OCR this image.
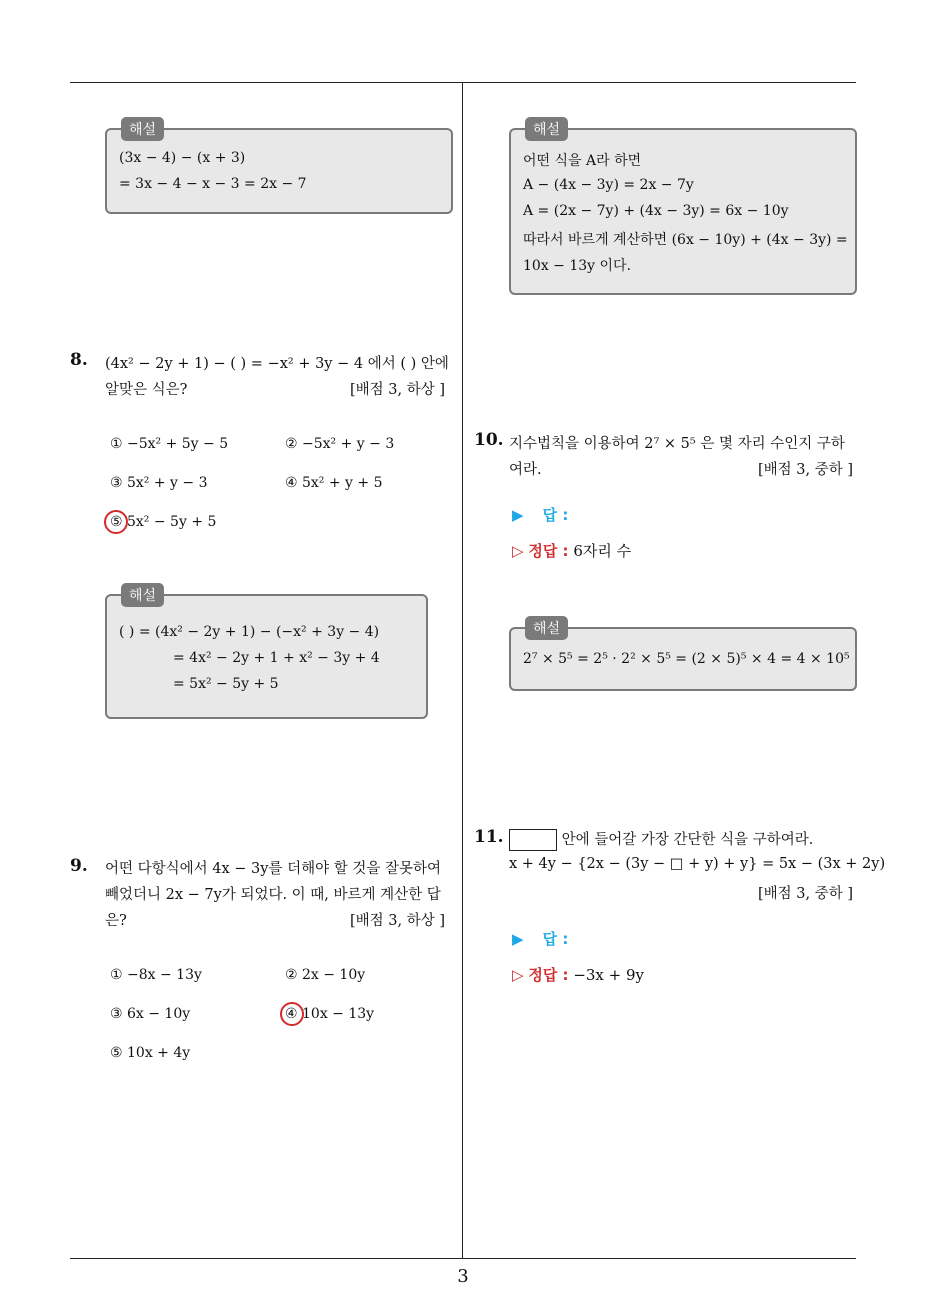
해설
(3x − 4) − (x + 3)
= 3x − 4 − x − 3 = 2x − 7
해설
어떤 식을 A라 하면
A − (4x − 3y) = 2x − 7y
A = (2x − 7y) + (4x − 3y) = 6x − 10y
따라서 바르게 계산하면 (6x − 10y) + (4x − 3y) =
10x − 13y 이다.
8. (4x² − 2y + 1) − ( ) = −x² + 3y − 4 에서 ( ) 안에
알맞은 식은?	[배점 3, 하상 ]
① −5x² + 5y − 5	② −5x² + y − 3
③ 5x² + y − 3	④ 5x² + y + 5
⑤ 5x² − 5y + 5
해설
( ) = (4x² − 2y + 1) − (−x² + 3y − 4)
= 4x² − 2y + 1 + x² − 3y + 4
= 5x² − 5y + 5
9. 어떤 다항식에서 4x − 3y를 더해야 할 것을 잘못하여
빼었더니 2x − 7y가 되었다. 이 때, 바르게 계산한 답
은?	[배점 3, 하상 ]
① −8x − 13y	② 2x − 10y
③ 6x − 10y	④ 10x − 13y
⑤ 10x + 4y
10. 지수법칙을 이용하여 2⁷ × 5⁵ 은 몇 자리 수인지 구하
여라.	[배점 3, 중하 ]
▶ 답 :
▷ 정답 : 6자리 수
해설
2⁷ × 5⁵ = 2⁵ · 2² × 5⁵ = (2 × 5)⁵ × 4 = 4 × 10⁵
11.	안에 들어갈 가장 간단한 식을 구하여라.
x + 4y − {2x − (3y − □ + y) + y} = 5x − (3x + 2y)
[배점 3, 중하 ]
▶ 답 :
▷ 정답 : −3x + 9y
3
